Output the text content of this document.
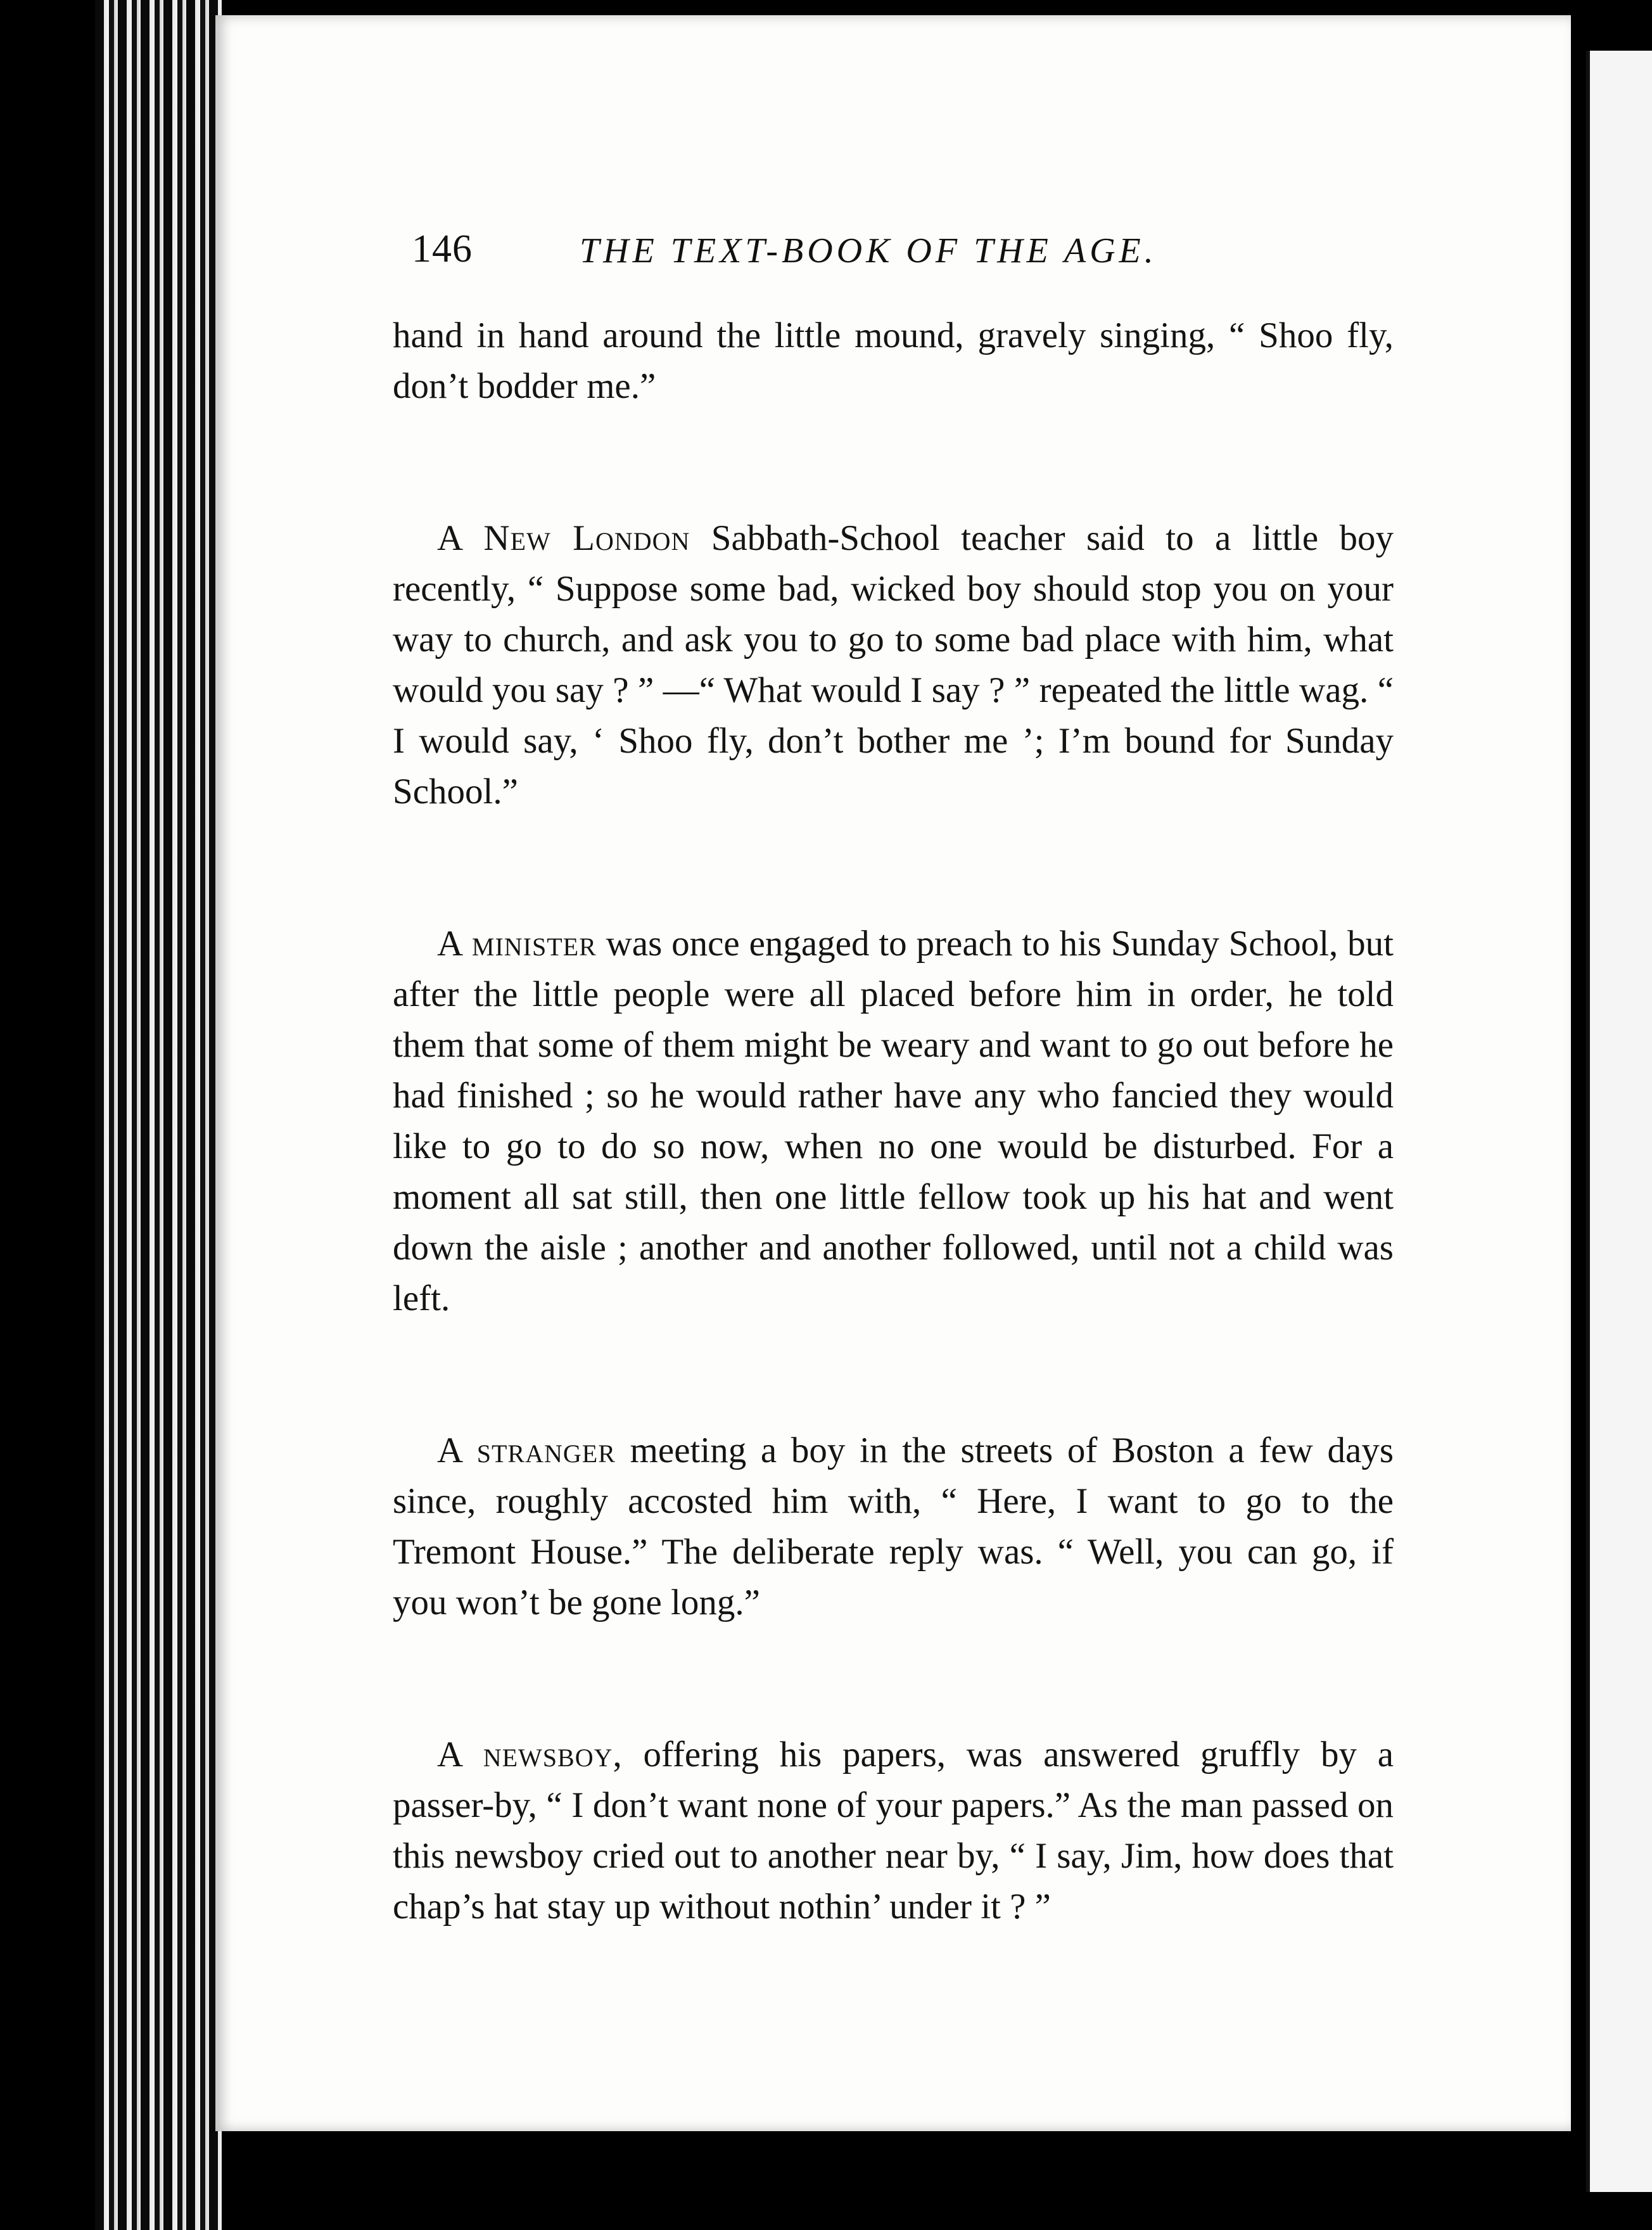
146	THE TEXT-BOOK OF THE AGE.

hand in hand around the little mound, gravely singing, “ Shoo fly, don’t bodder me.”

A New London Sabbath-School teacher said to a little boy recently, “ Suppose some bad, wicked boy should stop you on your way to church, and ask you to go to some bad place with him, what would you say ? ” —“ What would I say ? ” repeated the little wag. “ I would say, ‘ Shoo fly, don’t bother me ’; I’m bound for Sunday School.”

A minister was once engaged to preach to his Sunday School, but after the little people were all placed before him in order, he told them that some of them might be weary and want to go out before he had finished ; so he would rather have any who fancied they would like to go to do so now, when no one would be disturbed. For a moment all sat still, then one little fellow took up his hat and went down the aisle ; another and another followed, until not a child was left.

A stranger meeting a boy in the streets of Boston a few days since, roughly accosted him with, “ Here, I want to go to the Tremont House.” The deliberate reply was. “ Well, you can go, if you won’t be gone long.”

A newsboy, offering his papers, was answered gruffly by a passer-by, “ I don’t want none of your papers.” As the man passed on this newsboy cried out to another near by, “ I say, Jim, how does that chap’s hat stay up without nothin’ under it ? ”
